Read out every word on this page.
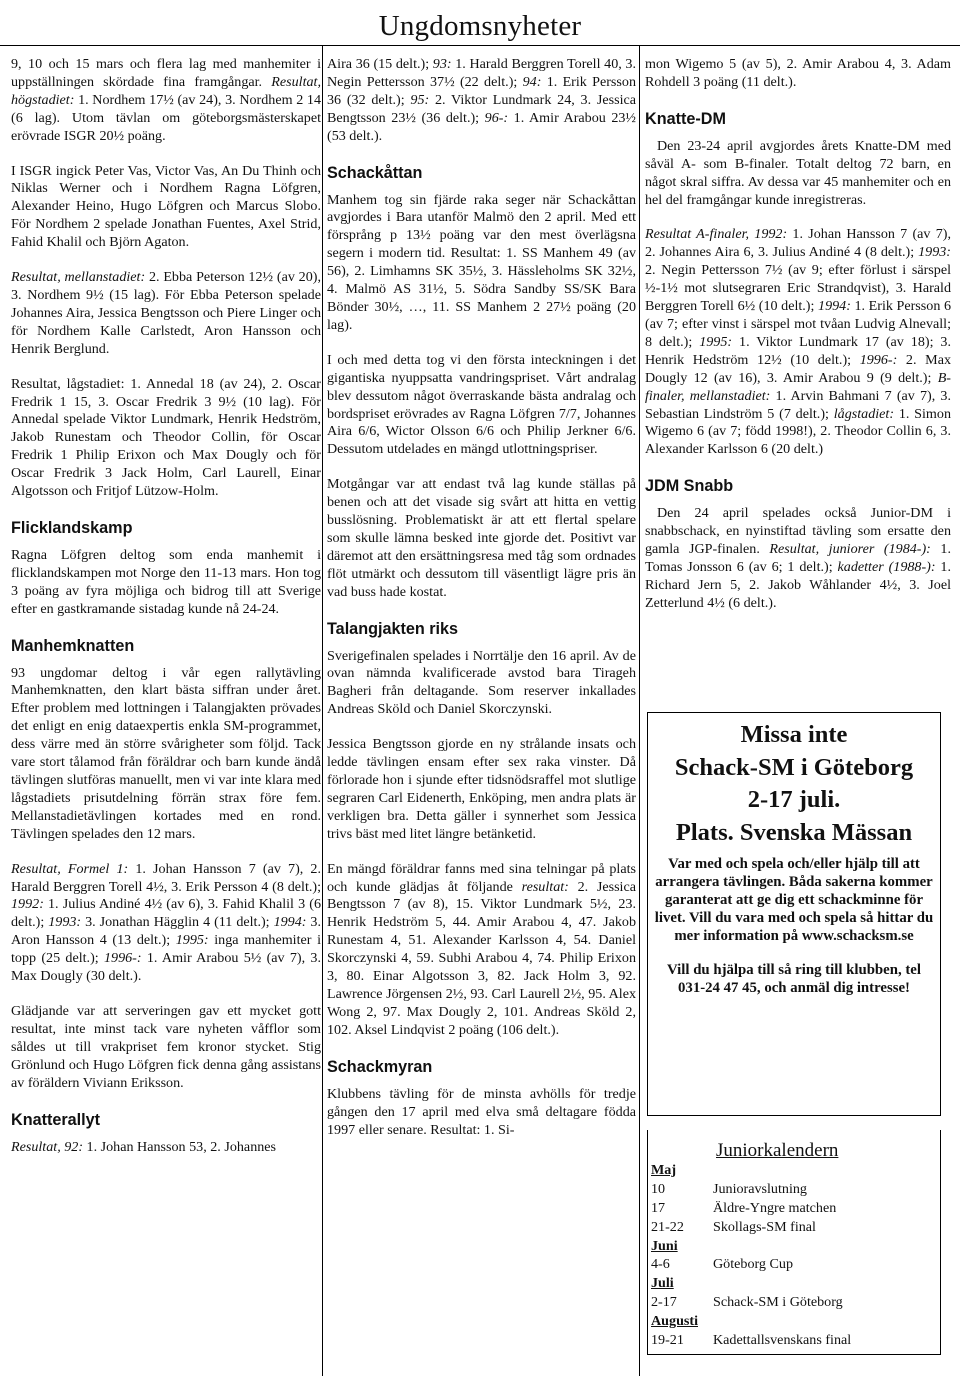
Ungdomsnyheter

9, 10 och 15 mars och flera lag med manhemiter i uppställningen skördade fina framgångar. Resultat, högstadiet: 1. Nordhem 17½ (av 24), 3. Nordhem 2 14 (6 lag). Utom tävlan om göteborgsmästerskapet erövrade ISGR 20½ poäng.

I ISGR ingick Peter Vas, Victor Vas, An Du Thinh och Niklas Werner och i Nordhem Ragna Löfgren, Alexander Heino, Hugo Löfgren och Marcus Slobo. För Nordhem 2 spelade Jonathan Fuentes, Axel Strid, Fahid Khalil och Björn Agaton.

Resultat, mellanstadiet: 2. Ebba Peterson 12½ (av 20), 3. Nordhem 9½ (15 lag). För Ebba Peterson spelade Johannes Aira, Jessica Bengtsson och Piere Linger och för Nordhem Kalle Carlstedt, Aron Hansson och Henrik Berglund.

Resultat, lågstadiet: 1. Annedal 18 (av 24), 2. Oscar Fredrik 1 15, 3. Oscar Fredrik 3 9½ (10 lag). För Annedal spelade Viktor Lundmark, Henrik Hedström, Jakob Runestam och Theodor Collin, för Oscar Fredrik 1 Philip Erixon och Max Dougly och för Oscar Fredrik 3 Jack Holm, Carl Laurell, Einar Algotsson och Fritjof Lützow-Holm.

Flicklandskamp

Ragna Löfgren deltog som enda manhemit i flicklandskampen mot Norge den 11-13 mars. Hon tog 3 poäng av fyra möjliga och bidrog till att Sverige efter en gastkramande sistadag kunde nå 24-24.

Manhemknatten

93 ungdomar deltog i vår egen rallytävling Manhemknatten, den klart bästa siffran under året. Efter problem med lottningen i Talangjakten prövades det enligt en enig dataexpertis enkla SM-programmet, dess värre med än större svårigheter som följd. Tack vare stort tålamod från föräldrar och barn kunde ändå tävlingen slutföras manuellt, men vi var inte klara med lågstadiets prisutdelning förrän strax före fem. Mellanstadietävlingen kortades med en rond. Tävlingen spelades den 12 mars.

Resultat, Formel 1: 1. Johan Hansson 7 (av 7), 2. Harald Berggren Torell 4½, 3. Erik Persson 4 (8 delt.); 1992: 1. Julius Andiné 4½ (av 6), 3. Fahid Khalil 3 (6 delt.); 1993: 3. Jonathan Hägglin 4 (11 delt.); 1994: 3. Aron Hansson 4 (13 delt.); 1995: inga manhemiter i topp (25 delt.); 1996-: 1. Amir Arabou 5½ (av 7), 3. Max Dougly (30 delt.).

Glädjande var att serveringen gav ett mycket gott resultat, inte minst tack vare nyheten våfflor som såldes ut till vrakpriset fem kronor stycket. Stig Grönlund och Hugo Löfgren fick denna gång assistans av föräldern Viviann Eriksson.

Knatterallyt

Resultat, 92: 1. Johan Hansson 53, 2. Johannes

Aira 36 (15 delt.); 93: 1. Harald Berggren Torell 40, 3. Negin Pettersson 37½ (22 delt.); 94: 1. Erik Persson 36 (32 delt.); 95: 2. Viktor Lundmark 24, 3. Jessica Bengtsson 23½ (36 delt.); 96-: 1. Amir Arabou 23½ (53 delt.).

Schackåttan

Manhem tog sin fjärde raka seger när Schackåttan avgjordes i Bara utanför Malmö den 2 april. Med ett försprång p 13½ poäng var den mest överlägsna segern i modern tid. Resultat: 1. SS Manhem 49 (av 56), 2. Limhamns SK 35½, 3. Hässleholms SK 32½, 4. Malmö AS 31½, 5. Södra Sandby SS/SK Bara Bönder 30½, …, 11. SS Manhem 2 27½ poäng (20 lag).

I och med detta tog vi den första inteckningen i det gigantiska nyuppsatta vandringspriset. Vårt andralag blev dessutom något överraskande bästa andralag och bordspriset erövrades av Ragna Löfgren 7/7, Johannes Aira 6/6, Wictor Olsson 6/6 och Philip Jerkner 6/6. Dessutom utdelades en mängd utlottningspriser.

Motgångar var att endast två lag kunde ställas på benen och att det visade sig svårt att hitta en vettig busslösning. Problematiskt är att ett flertal spelare som skulle lämna besked inte gjorde det. Positivt var däremot att den ersättningsresa med tåg som ordnades flöt utmärkt och dessutom till väsentligt lägre pris än vad buss hade kostat.

Talangjakten riks

Sverigefinalen spelades i Norrtälje den 16 april. Av de ovan nämnda kvalificerade avstod bara Tirageh Bagheri från deltagande. Som reserver inkallades Andreas Sköld och Daniel Skorczynski.

Jessica Bengtsson gjorde en ny strålande insats och ledde tävlingen ensam efter sex raka vinster. Då förlorade hon i sjunde efter tidsnödsraffel mot slutlige segraren Carl Eidenerth, Enköping, men andra plats är verkligen bra. Detta gäller i synnerhet som Jessica trivs bäst med litet längre betänketid.

En mängd föräldrar fanns med sina telningar på plats och kunde glädjas åt följande resultat: 2. Jessica Bengtsson 7 (av 8), 15. Viktor Lundmark 5½, 23. Henrik Hedström 5, 44. Amir Arabou 4, 47. Jakob Runestam 4, 51. Alexander Karlsson 4, 54. Daniel Skorczynski 4, 59. Subhi Arabou 4, 74. Philip Erixon 3, 80. Einar Algotsson 3, 82. Jack Holm 3, 92. Lawrence Jörgensen 2½, 93. Carl Laurell 2½, 95. Alex Wong 2, 97. Max Dougly 2, 101. Andreas Sköld 2, 102. Aksel Lindqvist 2 poäng (106 delt.).

Schackmyran

Klubbens tävling för de minsta avhölls för tredje gången den 17 april med elva små deltagare födda 1997 eller senare. Resultat: 1. Si-

mon Wigemo 5 (av 5), 2. Amir Arabou 4, 3. Adam Rohdell 3 poäng (11 delt.).

Knatte-DM

Den 23-24 april avgjordes årets Knatte-DM med såväl A- som B-finaler. Totalt deltog 72 barn, en något skral siffra. Av dessa var 45 manhemiter och en hel del framgångar kunde inregistreras.

Resultat A-finaler, 1992: 1. Johan Hansson 7 (av 7), 2. Johannes Aira 6, 3. Julius Andiné 4 (8 delt.); 1993: 2. Negin Pettersson 7½ (av 9; efter förlust i särspel ½-1½ mot slutsegraren Eric Strandqvist), 3. Harald Berggren Torell 6½ (10 delt.); 1994: 1. Erik Persson 6 (av 7; efter vinst i särspel mot tvåan Ludvig Alnevall; 8 delt.); 1995: 1. Viktor Lundmark 17 (av 18); 3. Henrik Hedström 12½ (10 delt.); 1996-: 2. Max Dougly 12 (av 16), 3. Amir Arabou 9 (9 delt.); B-finaler, mellanstadiet: 1. Arvin Bahmani 7 (av 7), 3. Sebastian Lindström 5 (7 delt.); lågstadiet: 1. Simon Wigemo 6 (av 7; född 1998!), 2. Theodor Collin 6, 3. Alexander Karlsson 6 (20 delt.)

JDM Snabb

Den 24 april spelades också Junior-DM i snabbschack, en nyinstiftad tävling som ersatte den gamla JGP-finalen. Resultat, juniorer (1984-): 1. Tomas Jonsson 6 (av 6; 1 delt.); kadetter (1988-): 1. Richard Jern 5, 2. Jakob Wåhlander 4½, 3. Joel Zetterlund 4½ (6 delt.).

Missa inte
Schack-SM i Göteborg
2-17 juli.
Plats. Svenska Mässan
Var med och spela och/eller hjälp till att arrangera tävlingen. Båda sakerna kommer garanterat att ge dig ett schackminne för livet. Vill du vara med och spela så hittar du mer information på www.schacksm.se
Vill du hjälpa till så ring till klubben, tel 031-24 47 45, och anmäl dig intresse!
Juniorkalendern
Maj
10	Junioravslutning
17	Äldre-Yngre matchen
21-22	Skollags-SM final
Juni
4-6	Göteborg Cup
Juli
2-17	Schack-SM i Göteborg
Augusti
19-21	Kadettallsvenskans final
